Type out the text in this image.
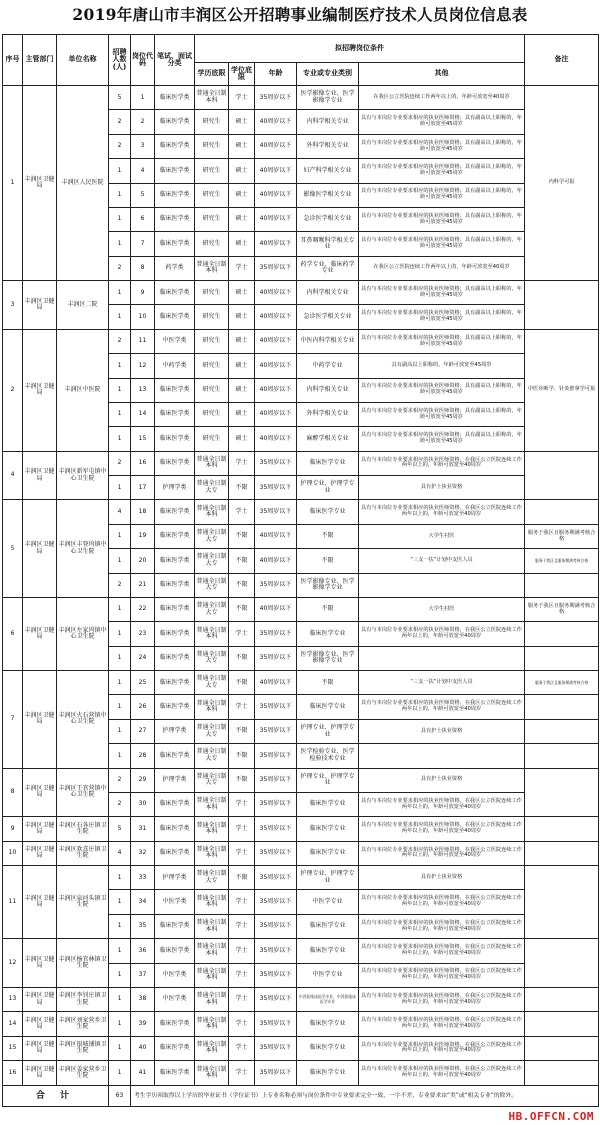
2019年唐山市丰润区公开招聘事业编制医疗技术人员岗位信息表
序号	主管部门	单位名称	招聘人数(人)	岗位代码	笔试、面试分类	拟招聘岗位条件					备注
						学历底限	学位底限	年龄	专业或专业类别	其他	
1	丰润区卫健局	丰润区人民医院	5	1	临床医学类	普通全日制本科	学士	35周岁以下	医学影像专业、医学影像学专业	在我区公立医院连续工作两年以上的，年龄可放宽至40周岁	内科学可报
			2	2	临床医学类	研究生	硕士	40周岁以下	内科学相关专业	具有与本岗位专业要求相应的执业医师资格；具有副高以上职称的，年龄可放宽至45周岁	
			2	3	临床医学类	研究生	硕士	40周岁以下	外科学相关专业	具有与本岗位专业要求相应的执业医师资格；具有副高以上职称的，年龄可放宽至45周岁	
			1	4	临床医学类	研究生	硕士	40周岁以下	妇产科学相关专业	具有与本岗位专业要求相应的执业医师资格；具有副高以上职称的，年龄可放宽至45周岁	
			1	5	临床医学类	研究生	硕士	40周岁以下	影像医学相关专业	具有与本岗位专业要求相应的执业医师资格；具有副高以上职称的，年龄可放宽至45周岁	
			1	6	临床医学类	研究生	硕士	40周岁以下	急诊医学相关专业	具有与本岗位专业要求相应的执业医师资格；具有副高以上职称的，年龄可放宽至45周岁	
			1	7	临床医学类	研究生	硕士	40周岁以下	耳鼻咽喉科学相关专业	具有与本岗位专业要求相应的执业医师资格；具有副高以上职称的，年龄可放宽至45周岁	
			2	8	药学类	普通全日制本科	学士	35周岁以下	药学专业、临床药学专业	在我区公立医院连续工作两年以上的，年龄可放宽至40周岁	
3	丰润区卫健局	丰润区二院	1	9	临床医学类	研究生	硕士	40周岁以下	内科学相关专业	具有与本岗位专业要求相应的执业医师资格；具有副高以上职称的，年龄可放宽至45周岁	
			1	10	临床医学类	研究生	硕士	40周岁以下	急诊医学相关专业	具有与本岗位专业要求相应的执业医师资格；具有副高以上职称的，年龄可放宽至45周岁	
2	丰润区卫健局	丰润区中医院	2	11	中医学类	研究生	硕士	40周岁以下	中医内科学相关专业	具有与本岗位专业要求相应的执业医师资格；具有副高以上职称的，年龄可放宽至45周岁	中医诊断学、针灸推拿学可报
			1	12	中药学类	研究生	硕士	40周岁以下	中药学专业	具有副高以上职称的，年龄可放宽至45周岁	
			1	13	临床医学类	研究生	硕士	40周岁以下	内科学相关专业	具有与本岗位专业要求相应的执业医师资格；具有副高以上职称的，年龄可放宽至45周岁	
			1	14	临床医学类	研究生	硕士	40周岁以下	外科学相关专业	具有与本岗位专业要求相应的执业医师资格；具有副高以上职称的，年龄可放宽至45周岁	
			1	15	临床医学类	研究生	硕士	40周岁以下	麻醉学相关专业	具有与本岗位专业要求相应的执业医师资格；具有副高以上职称的，年龄可放宽至45周岁	
4	丰润区卫健局	丰润区新军屯镇中心卫生院	2	16	临床医学类	普通全日制本科	学士	35周岁以下	临床医学专业	具有与本岗位专业要求相应的执业医师资格，在我区公立医院连续工作两年以上的，年龄可放宽至40周岁	
			1	17	护理学类	普通全日制大专	不限	35周岁以下	护理专业、护理学专业	具有护士执业资格	
5	丰润区卫健局	丰润区丰登坞镇中心卫生院	4	18	临床医学类	普通全日制本科	学士	35周岁以下	临床医学专业	具有与本岗位专业要求相应的执业医师资格，在我区公立医院连续工作两年以上的，年龄可放宽至40周岁	
			1	19	临床医学类	普通全日制大专	不限	40周岁以下	不限	大学生村医	服务于我区且服务期满考核合格
			1	20	临床医学类	普通全日制大专	不限	40周岁以下	不限	“三支一扶”计划中支医人员	服务于我区且服务期满考核合格
			2	21	临床医学类	普通全日制大专	不限	35周岁以下	医学影像专业、医学影像学专业		
6	丰润区卫健局	丰润区左家坞镇中心卫生院	1	22	临床医学类	普通全日制大专	不限	40周岁以下	不限	大学生村医	服务于我区且服务期满考核合格
			1	23	临床医学类	普通全日制本科	学士	35周岁以下	临床医学专业	具有与本岗位专业要求相应的执业医师资格，在我区公立医院连续工作两年以上的，年龄可放宽至40周岁	
			1	24	临床医学类	普通全日制大专	不限	35周岁以下	医学影像专业、医学影像学专业		
7	丰润区卫健局	丰润区火石营镇中心卫生院	1	25	临床医学类	普通全日制大专	不限	40周岁以下	不限	“三支一扶”计划中支医人员	服务于我区且服务期满考核合格
			1	26	临床医学类	普通全日制本科	学士	35周岁以下	临床医学专业	具有与本岗位专业要求相应的执业医师资格，在我区公立医院连续工作两年以上的，年龄可放宽至40周岁	
			1	27	护理学类	普通全日制大专	不限	35周岁以下	护理专业、护理学专业	具有护士执业资格	
			1	28	临床医学类	普通全日制大专	不限	35周岁以下	医学检验专业、医学检验技术专业		
8	丰润区卫健局	丰润区王官营镇中心卫生院	2	29	护理学类	普通全日制大专	不限	35周岁以下	护理专业、护理学专业	具有护士执业资格	
			2	30	临床医学类	普通全日制本科	学士	35周岁以下	临床医学专业	具有与本岗位专业要求相应的执业医师资格，在我区公立医院连续工作两年以上的，年龄可放宽至40周岁	
9	丰润区卫健局	丰润区石各庄镇卫生院	5	31	临床医学类	普通全日制本科	学士	35周岁以下	临床医学专业	具有与本岗位专业要求相应的执业医师资格，在我区公立医院连续工作两年以上的，年龄可放宽至40周岁	
10	丰润区卫健局	丰润区欢喜庄镇卫生院	4	32	临床医学类	普通全日制本科	学士	35周岁以下	临床医学专业	具有与本岗位专业要求相应的执业医师资格，在我区公立医院连续工作两年以上的，年龄可放宽至40周岁	
11	丰润区卫健局	丰润区泉河头镇卫生院	1	33	护理学类	普通全日制大专	不限	35周岁以下	护理专业、护理学专业	具有护士执业资格	
			1	34	中医学类	普通全日制本科	学士	35周岁以下	中医学专业	具有与本岗位专业要求相应的执业医师资格，在我区公立医院连续工作两年以上的，年龄可放宽至40周岁	
			1	35	临床医学类	普通全日制本科	学士	35周岁以下	临床医学专业	具有与本岗位专业要求相应的执业医师资格，在我区公立医院连续工作两年以上的，年龄可放宽至40周岁	
12	丰润区卫健局	丰润区杨官林镇卫生院	1	36	临床医学类	普通全日制本科	学士	35周岁以下	临床医学专业	具有与本岗位专业要求相应的执业医师资格，在我区公立医院连续工作两年以上的，年龄可放宽至40周岁	
			1	37	中医学类	普通全日制本科	学士	35周岁以下	中医学专业	具有与本岗位专业要求相应的执业医师资格，在我区公立医院连续工作两年以上的，年龄可放宽至40周岁	
13	丰润区卫健局	丰润区李钊庄镇卫生院	1	38	中医学类	普通全日制本科	学士	35周岁以下	中西医临床医学专业、中西医临床医学专业	具有与本岗位专业要求相应的执业医师资格，在我区公立医院连续工作两年以上的，年龄可放宽至40周岁	
14	丰润区卫健局	丰润区刘家营乡卫生院	1	39	临床医学类	普通全日制本科	学士	35周岁以下	临床医学专业	具有与本岗位专业要求相应的执业医师资格，在我区公立医院连续工作两年以上的，年龄可放宽至40周岁	
15	丰润区卫健局	丰润区银城铺镇卫生院	1	40	临床医学类	普通全日制本科	学士	35周岁以下	临床医学专业	具有与本岗位专业要求相应的执业医师资格，在我区公立医院连续工作两年以上的，年龄可放宽至40周岁	
16	丰润区卫健局	丰润区姜家营乡卫生院	1	41	临床医学类	普通全日制本科	学士	35周岁以下	临床医学专业	具有与本岗位专业要求相应的执业医师资格，在我区公立医院连续工作两年以上的，年龄可放宽至40周岁	
合 计			63	考生学历须取得以上学历的毕业证书（学位证书）上专业名称必须与岗位条件中专业要求完全一致，一字不差，专业要求由“类”或“相关专业”的除外。							
HB.OFFCN.COM
